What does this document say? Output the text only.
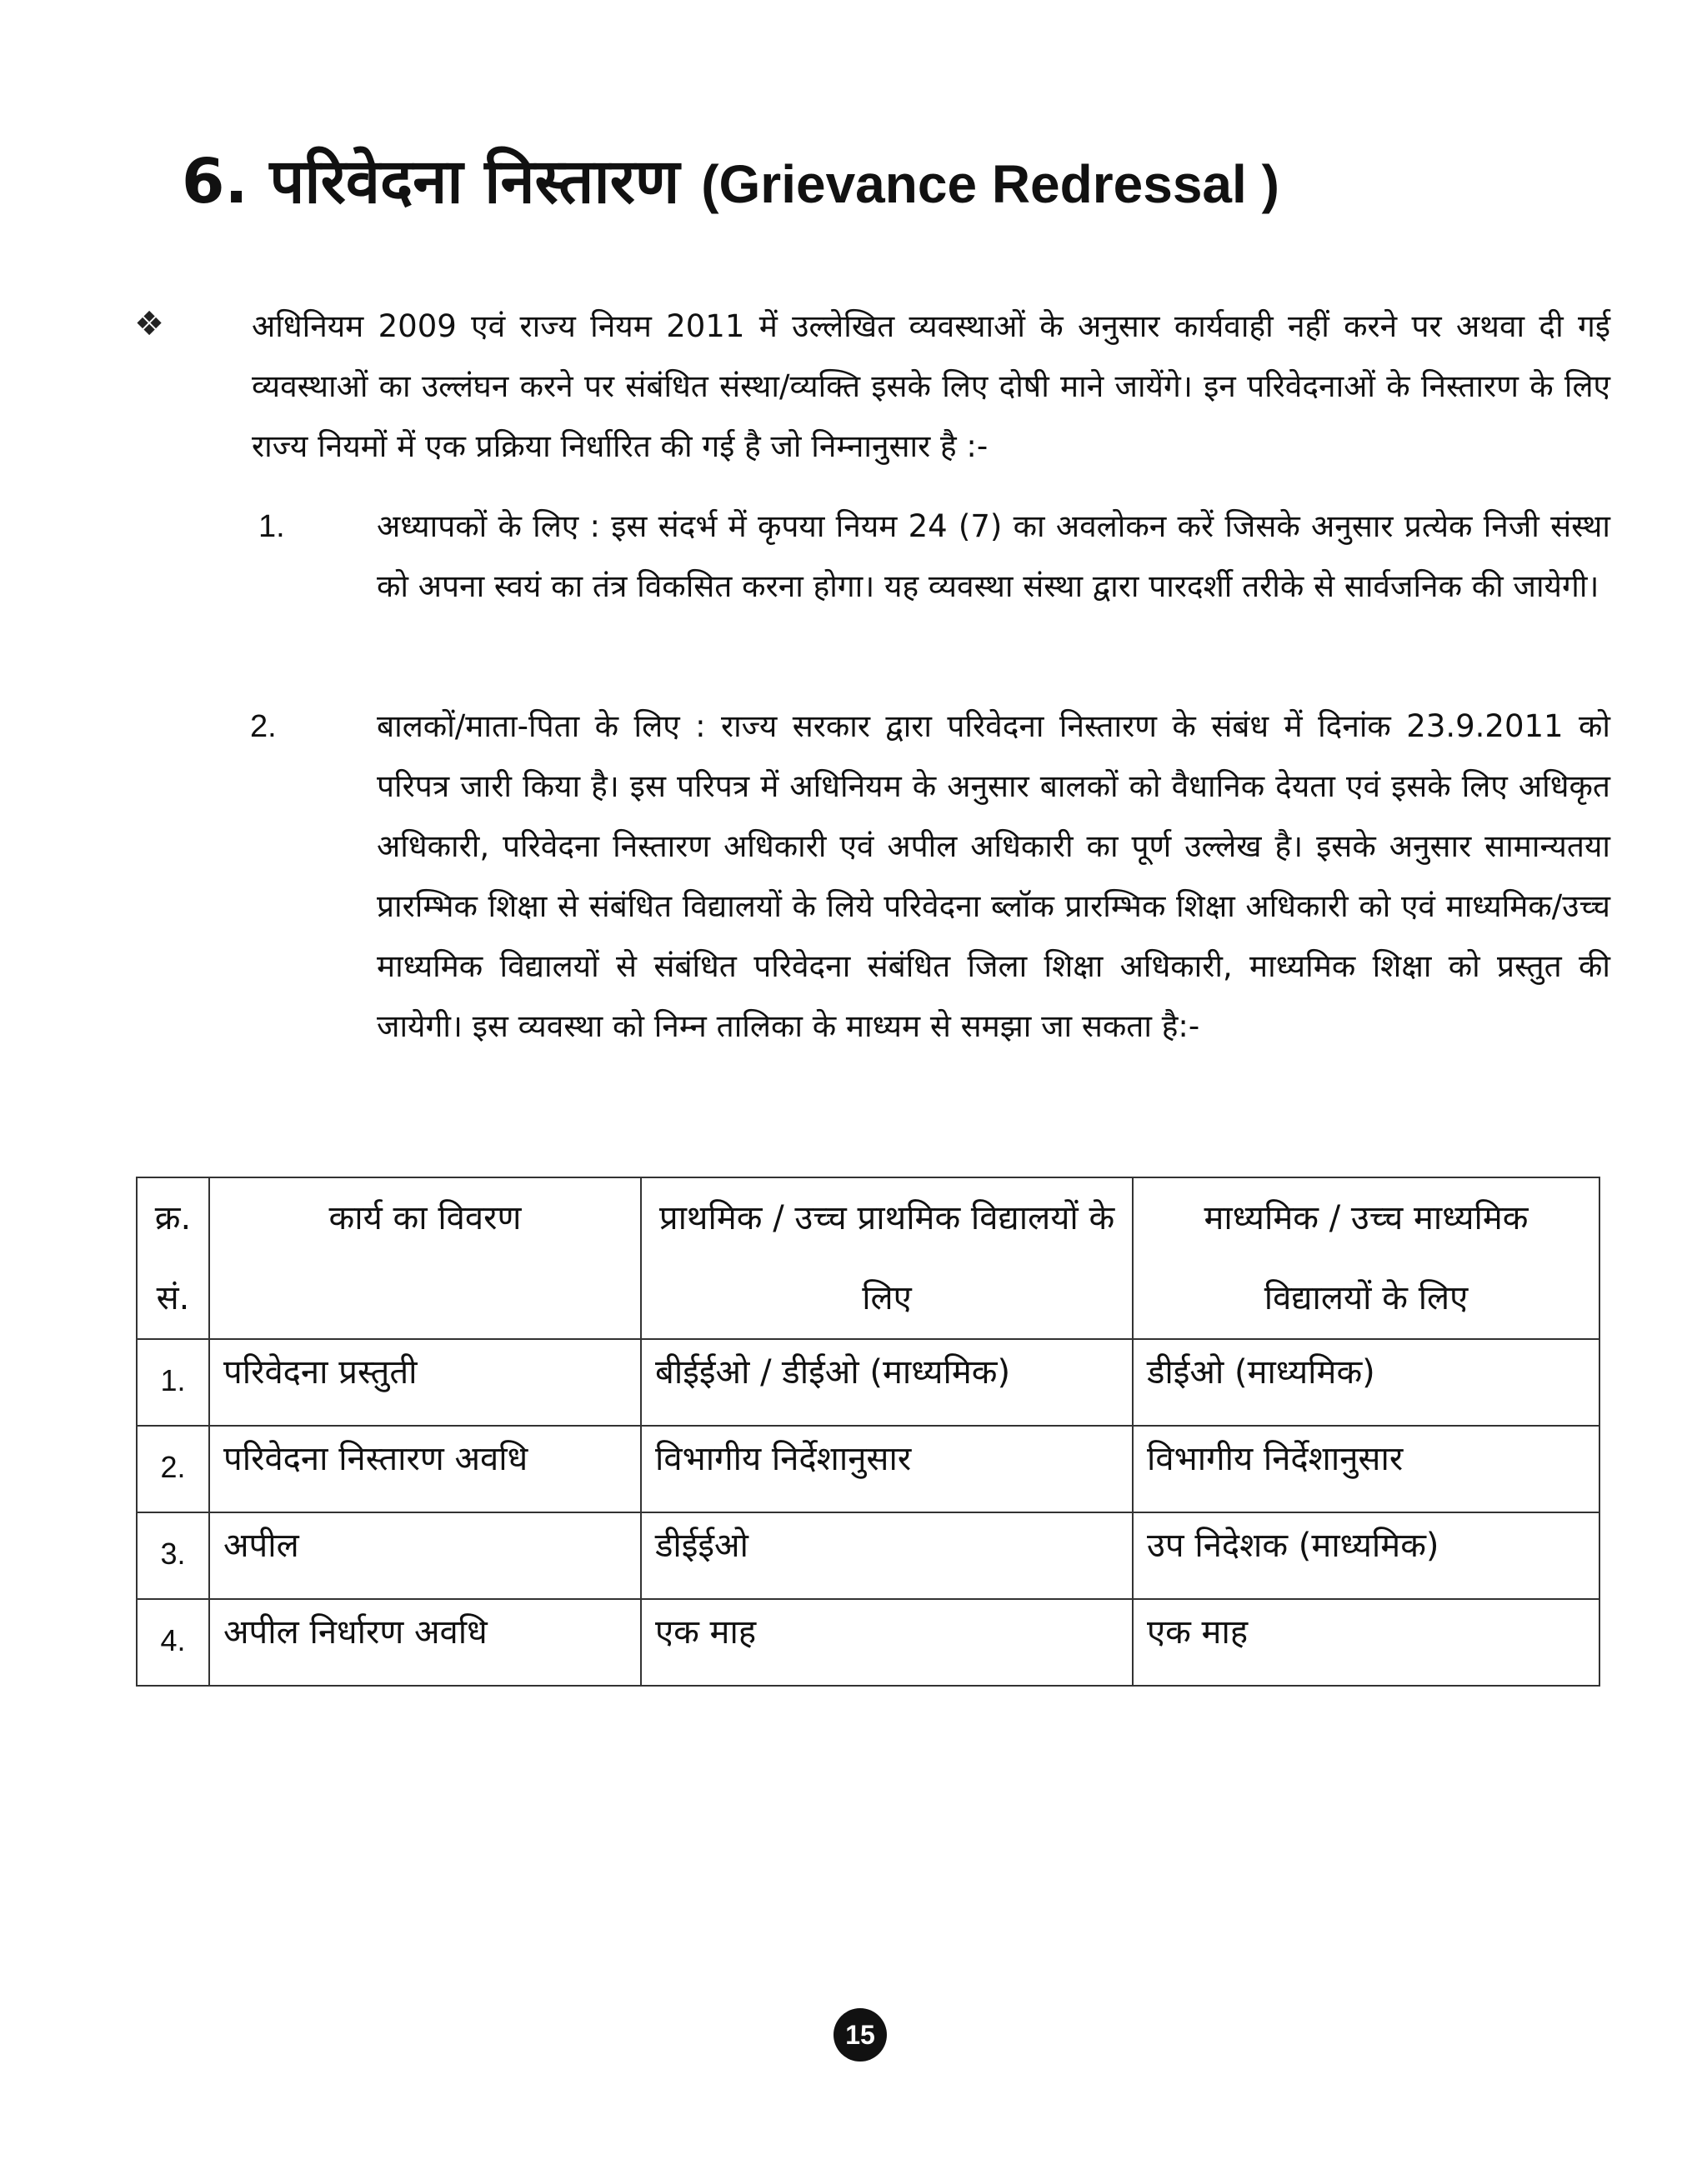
6. परिवेदना निस्तारण (Grievance Redressal )
❖	अधिनियम 2009 एवं राज्य नियम 2011 में उल्लेखित व्यवस्थाओं के अनुसार कार्यवाही नहीं करने पर अथवा दी गई व्यवस्थाओं का उल्लंघन करने पर संबंधित संस्था/व्यक्ति इसके लिए दोषी माने जायेंगे। इन परिवेदनाओं के निस्तारण के लिए राज्य नियमों में एक प्रक्रिया निर्धारित की गई है जो निम्नानुसार है :-

1.	अध्यापकों के लिए : इस संदर्भ में कृपया नियम 24 (7) का अवलोकन करें जिसके अनुसार प्रत्येक निजी संस्था को अपना स्वयं का तंत्र विकसित करना होगा। यह व्यवस्था संस्था द्वारा पारदर्शी तरीके से सार्वजनिक की जायेगी।

2.	बालकों/माता-पिता के लिए : राज्य सरकार द्वारा परिवेदना निस्तारण के संबंध में दिनांक 23.9.2011 को परिपत्र जारी किया है। इस परिपत्र में अधिनियम के अनुसार बालकों को वैधानिक देयता एवं इसके लिए अधिकृत अधिकारी, परिवेदना निस्तारण अधिकारी एवं अपील अधिकारी का पूर्ण उल्लेख है। इसके अनुसार सामान्यतया प्रारम्भिक शिक्षा से संबंधित विद्यालयों के लिये परिवेदना ब्लॉक प्रारम्भिक शिक्षा अधिकारी को एवं माध्यमिक/उच्च माध्यमिक विद्यालयों से संबंधित परिवेदना संबंधित जिला शिक्षा अधिकारी, माध्यमिक शिक्षा को प्रस्तुत की जायेगी। इस व्यवस्था को निम्न तालिका के माध्यम से समझा जा सकता है:-

क्र. सं.	कार्य का विवरण	प्राथमिक / उच्च प्राथमिक विद्यालयों के लिए	माध्यमिक / उच्च माध्यमिक विद्यालयों के लिए
1.	परिवेदना प्रस्तुती	बीईईओ / डीईओ (माध्यमिक)	डीईओ (माध्यमिक)
2.	परिवेदना निस्तारण अवधि	विभागीय निर्देशानुसार	विभागीय निर्देशानुसार
3.	अपील	डीईईओ	उप निदेशक (माध्यमिक)
4.	अपील निर्धारण अवधि	एक माह	एक माह
15
